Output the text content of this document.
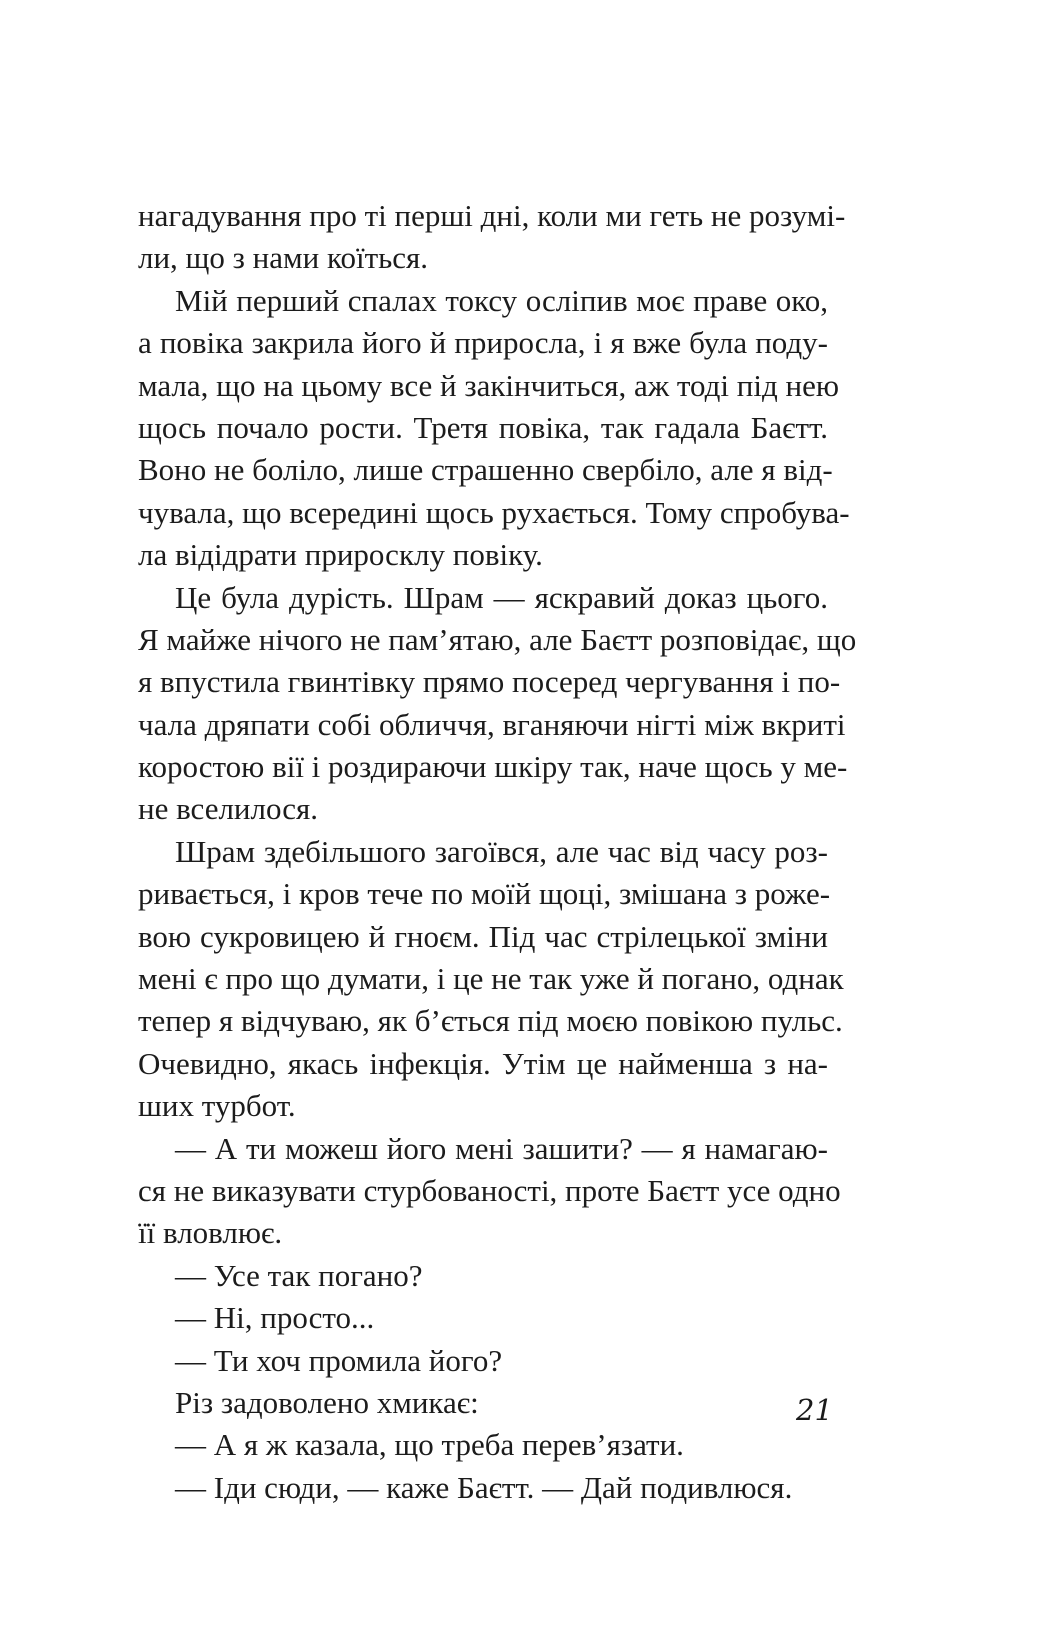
нагадування про ті перші дні, коли ми геть не розумі-
ли, що з нами коїться.
Мій перший спалах токсу осліпив моє праве око,
а повіка закрила його й приросла, і я вже була поду-
мала, що на цьому все й закінчиться, аж тоді під нею
щось почало рости. Третя повіка, так гадала Баєтт.
Воно не боліло, лише страшенно свербіло, але я від-
чувала, що всередині щось рухається. Тому спробува-
ла відідрати приросклу повіку.
Це була дурість. Шрам — яскравий доказ цього.
Я майже нічого не пам’ятаю, але Баєтт розповідає, що
я впустила гвинтівку прямо посеред чергування і по-
чала дряпати собі обличчя, вганяючи нігті між вкриті
коростою вії і роздираючи шкіру так, наче щось у ме-
не вселилося.
Шрам здебільшого загоївся, але час від часу роз-
ривається, і кров тече по моїй щоці, змішана з роже-
вою сукровицею й гноєм. Під час стрілецької зміни
мені є про що думати, і це не так уже й погано, однак
тепер я відчуваю, як б’ється під моєю повікою пульс.
Очевидно, якась інфекція. Утім це найменша з на-
ших турбот.
— А ти можеш його мені зашити? — я намагаю-
ся не виказувати стурбованості, проте Баєтт усе одно
її вловлює.
— Усе так погано?
— Ні, просто...
— Ти хоч промила його?
Різ задоволено хмикає:
— А я ж казала, що треба перев’язати.
— Іди сюди, — каже Баєтт. — Дай подивлюся.
21
